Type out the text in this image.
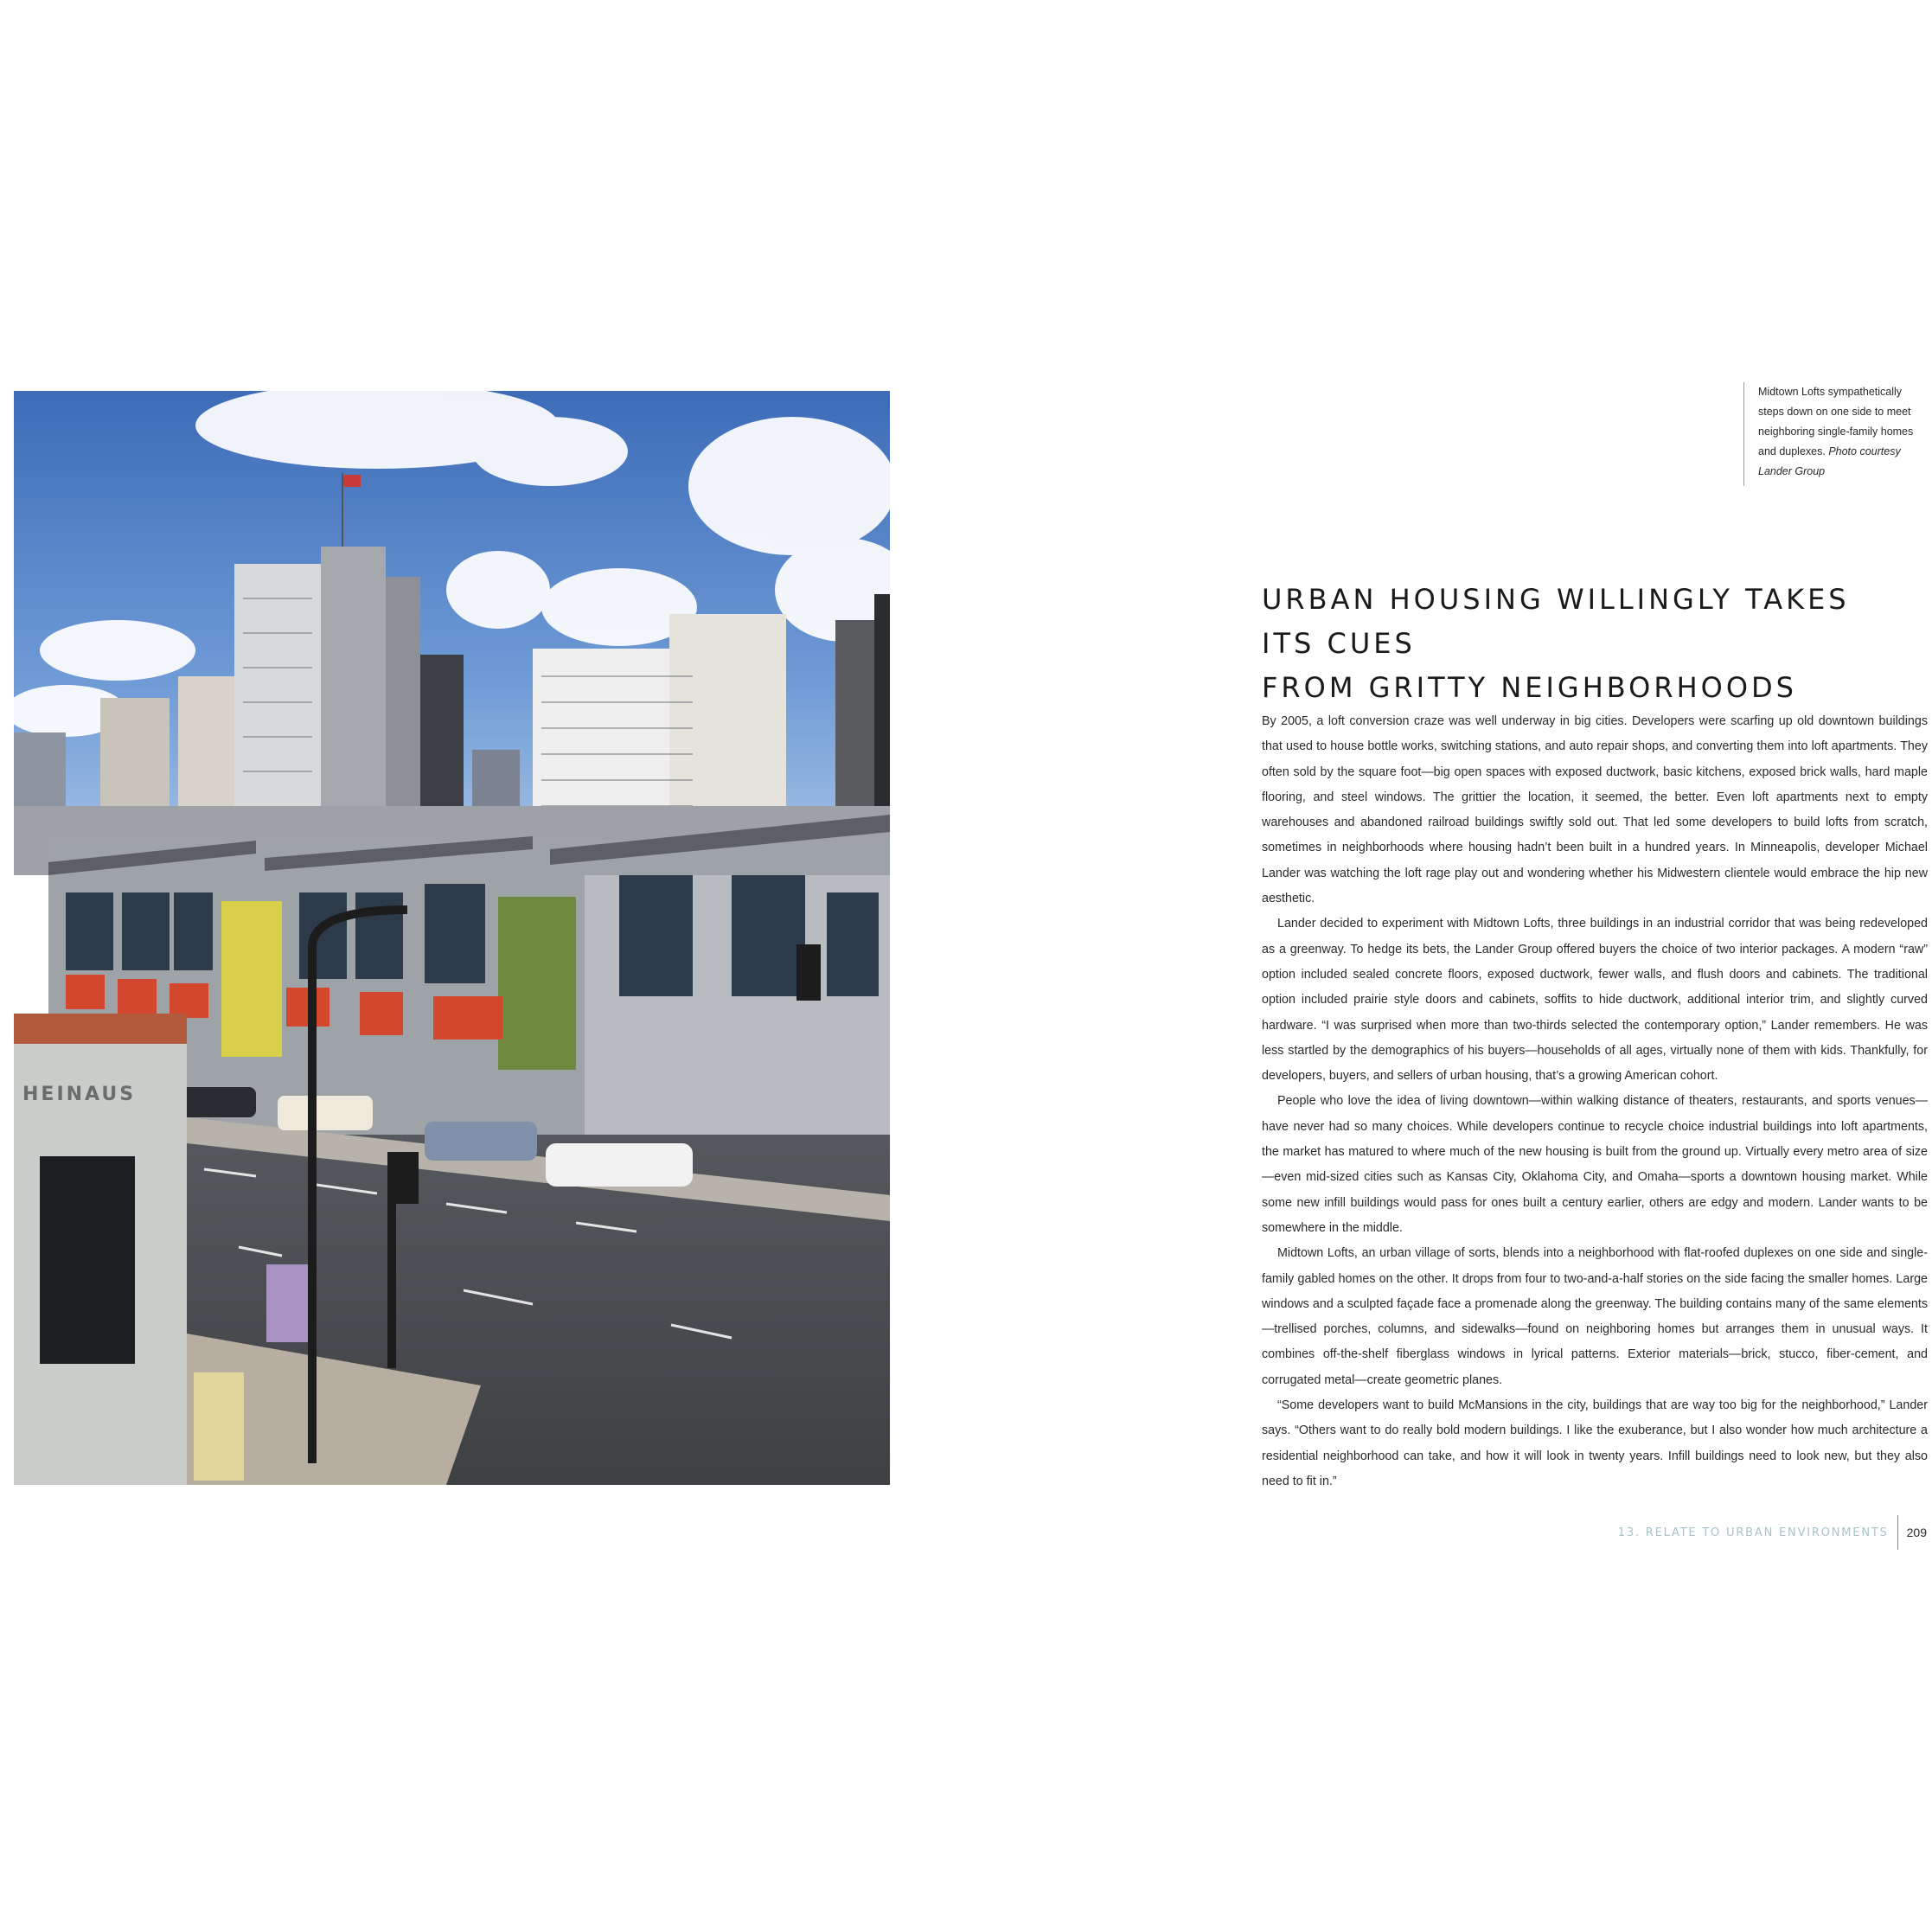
HEINAUS
Midtown Lofts sympathetically
steps down on one side to meet
neighboring single-family homes
and duplexes. Photo courtesy
Lander Group
URBAN HOUSING WILLINGLY TAKES ITS CUES
FROM GRITTY NEIGHBORHOODS

By 2005, a loft conversion craze was well underway in big cities. Developers were scarfing up old downtown buildings that used to house bottle works, switching stations, and auto repair shops, and converting them into loft apartments. They often sold by the square foot—big open spaces with exposed ductwork, basic kitchens, exposed brick walls, hard maple flooring, and steel windows. The grittier the location, it seemed, the better. Even loft apartments next to empty warehouses and abandoned railroad buildings swiftly sold out. That led some developers to build lofts from scratch, sometimes in neighborhoods where housing hadn’t been built in a hundred years. In Minneapolis, developer Michael Lander was watching the loft rage play out and wondering whether his Midwestern clientele would embrace the hip new aesthetic.

Lander decided to experiment with Midtown Lofts, three buildings in an industrial corridor that was being redeveloped as a greenway. To hedge its bets, the Lander Group offered buyers the choice of two interior packages. A modern “raw” option included sealed concrete floors, exposed ductwork, fewer walls, and flush doors and cabinets. The traditional option included prairie style doors and cabinets, soffits to hide ductwork, additional interior trim, and slightly curved hardware. “I was surprised when more than two-thirds selected the contemporary option,” Lander remembers. He was less startled by the demographics of his buyers—households of all ages, virtually none of them with kids. Thankfully, for developers, buyers, and sellers of urban housing, that’s a growing American cohort.

People who love the idea of living downtown—within walking distance of theaters, restaurants, and sports venues—have never had so many choices. While developers continue to recycle choice industrial buildings into loft apartments, the market has matured to where much of the new housing is built from the ground up. Virtually every metro area of size—even mid-sized cities such as Kansas City, Oklahoma City, and Omaha—sports a downtown housing market. While some new infill buildings would pass for ones built a century earlier, others are edgy and modern. Lander wants to be somewhere in the middle.

Midtown Lofts, an urban village of sorts, blends into a neighborhood with flat-roofed duplexes on one side and single-family gabled homes on the other. It drops from four to two-and-a-half stories on the side facing the smaller homes. Large windows and a sculpted façade face a promenade along the greenway. The building contains many of the same elements—trellised porches, columns, and sidewalks—found on neighboring homes but arranges them in unusual ways. It combines off-the-shelf fiberglass windows in lyrical patterns. Exterior materials—brick, stucco, fiber-cement, and corrugated metal—create geometric planes.

“Some developers want to build McMansions in the city, buildings that are way too big for the neighborhood,” Lander says. “Others want to do really bold modern buildings. I like the exuberance, but I also wonder how much architecture a residential neighborhood can take, and how it will look in twenty years. Infill buildings need to look new, but they also need to fit in.”

13. RELATE TO URBAN ENVIRONMENTS	209
